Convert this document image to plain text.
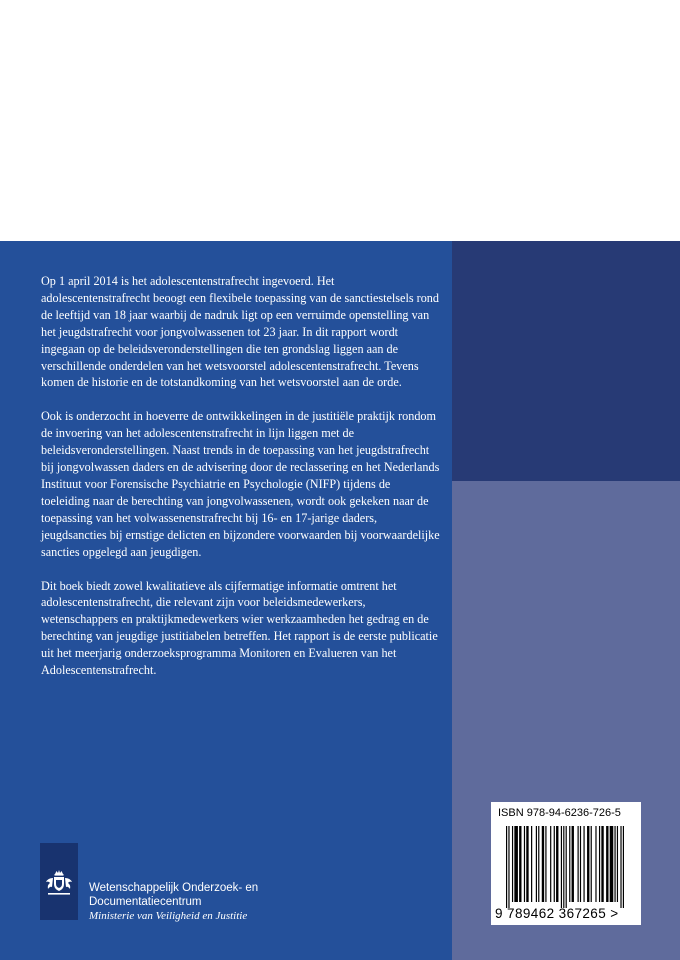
Op 1 april 2014 is het adolescentenstrafrecht ingevoerd. Het adolescentenstrafrecht beoogt een flexibele toepassing van de sanctiestelsels rond de leeftijd van 18 jaar waarbij de nadruk ligt op een verruimde openstelling van het jeugdstrafrecht voor jongvolwassenen tot 23 jaar. In dit rapport wordt ingegaan op de beleidsveronderstellingen die ten grondslag liggen aan de verschillende onderdelen van het wetsvoorstel adolescentenstrafrecht. Tevens komen de historie en de totstandkoming van het wetsvoorstel aan de orde.

Ook is onderzocht in hoeverre de ontwikkelingen in de justitiële praktijk rondom de invoering van het adolescentenstrafrecht in lijn liggen met de beleidsveronderstellingen. Naast trends in de toepassing van het jeugdstrafrecht bij jongvolwassen daders en de advisering door de reclassering en het Nederlands Instituut voor Forensische Psychiatrie en Psychologie (NIFP) tijdens de toeleiding naar de berechting van jongvolwassenen, wordt ook gekeken naar de toepassing van het volwassenenstrafrecht bij 16- en 17-jarige daders, jeugdsancties bij ernstige delicten en bijzondere voorwaarden bij voorwaardelijke sancties opgelegd aan jeugdigen.

Dit boek biedt zowel kwalitatieve als cijfermatige informatie omtrent het adolescentenstrafrecht, die relevant zijn voor beleidsmedewerkers, wetenschappers en praktijkmedewerkers wier werkzaamheden het gedrag en de berechting van jeugdige justitiabelen betreffen. Het rapport is de eerste publicatie uit het meerjarig onderzoeksprogramma Monitoren en Evalueren van het Adolescentenstrafrecht.

Wetenschappelijk Onderzoek- en
Documentatiecentrum
Ministerie van Veiligheid en Justitie
ISBN 978-94-6236-726-5
9 789462 367265 >
